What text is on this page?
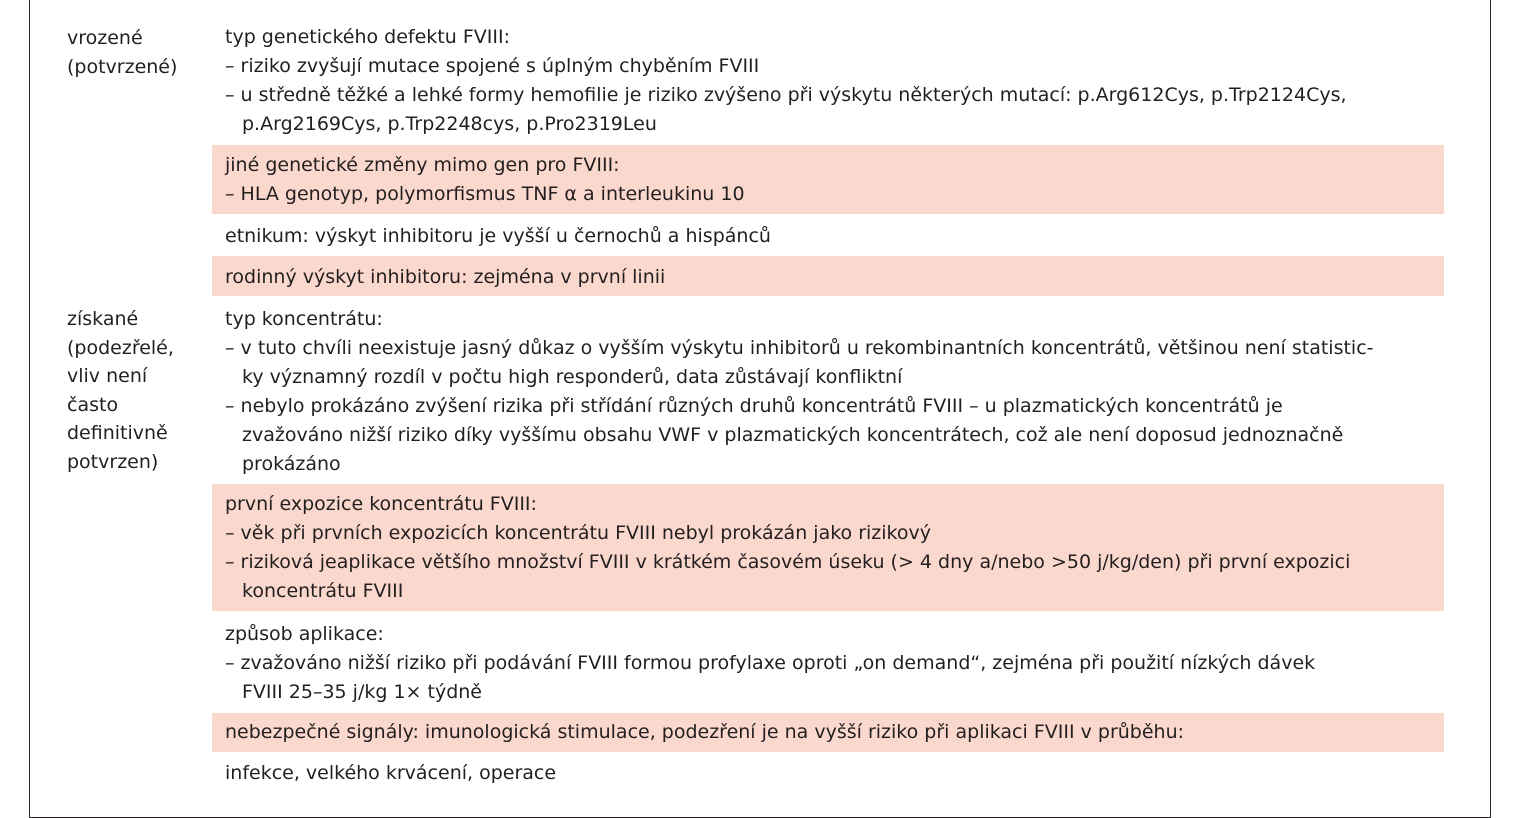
vrozené
(potvrzené)
získané
(podezřelé,
vliv není
často
definitivně
potvrzen)
typ genetického defektu FVIII:
– riziko zvyšují mutace spojené s úplným chyběním FVIII
– u středně těžké a lehké formy hemofilie je riziko zvýšeno při výskytu některých mutací: p.Arg612Cys, p.Trp2124Cys,
p.Arg2169Cys, p.Trp2248cys, p.Pro2319Leu
jiné genetické změny mimo gen pro FVIII:
– HLA genotyp, polymorfismus TNF α a interleukinu 10
etnikum: výskyt inhibitoru je vyšší u černochů a hispánců
rodinný výskyt inhibitoru: zejména v první linii
typ koncentrátu:
– v tuto chvíli neexistuje jasný důkaz o vyšším výskytu inhibitorů u rekombinantních koncentrátů, většinou není statistic-
ky významný rozdíl v počtu high responderů, data zůstávají konfliktní
– nebylo prokázáno zvýšení rizika při střídání různých druhů koncentrátů FVIII – u plazmatických koncentrátů je
zvažováno nižší riziko díky vyššímu obsahu VWF v plazmatických koncentrátech, což ale není doposud jednoznačně
prokázáno
první expozice koncentrátu FVIII:
– věk při prvních expozicích koncentrátu FVIII nebyl prokázán jako rizikový
– riziková jeaplikace většího množství FVIII v krátkém časovém úseku (> 4 dny a/nebo >50 j/kg/den) při první expozici
koncentrátu FVIII
způsob aplikace:
– zvažováno nižší riziko při podávání FVIII formou profylaxe oproti „on demand“, zejména při použití nízkých dávek
FVIII 25–35 j/kg 1× týdně
nebezpečné signály: imunologická stimulace, podezření je na vyšší riziko při aplikaci FVIII v průběhu:
infekce, velkého krvácení, operace
